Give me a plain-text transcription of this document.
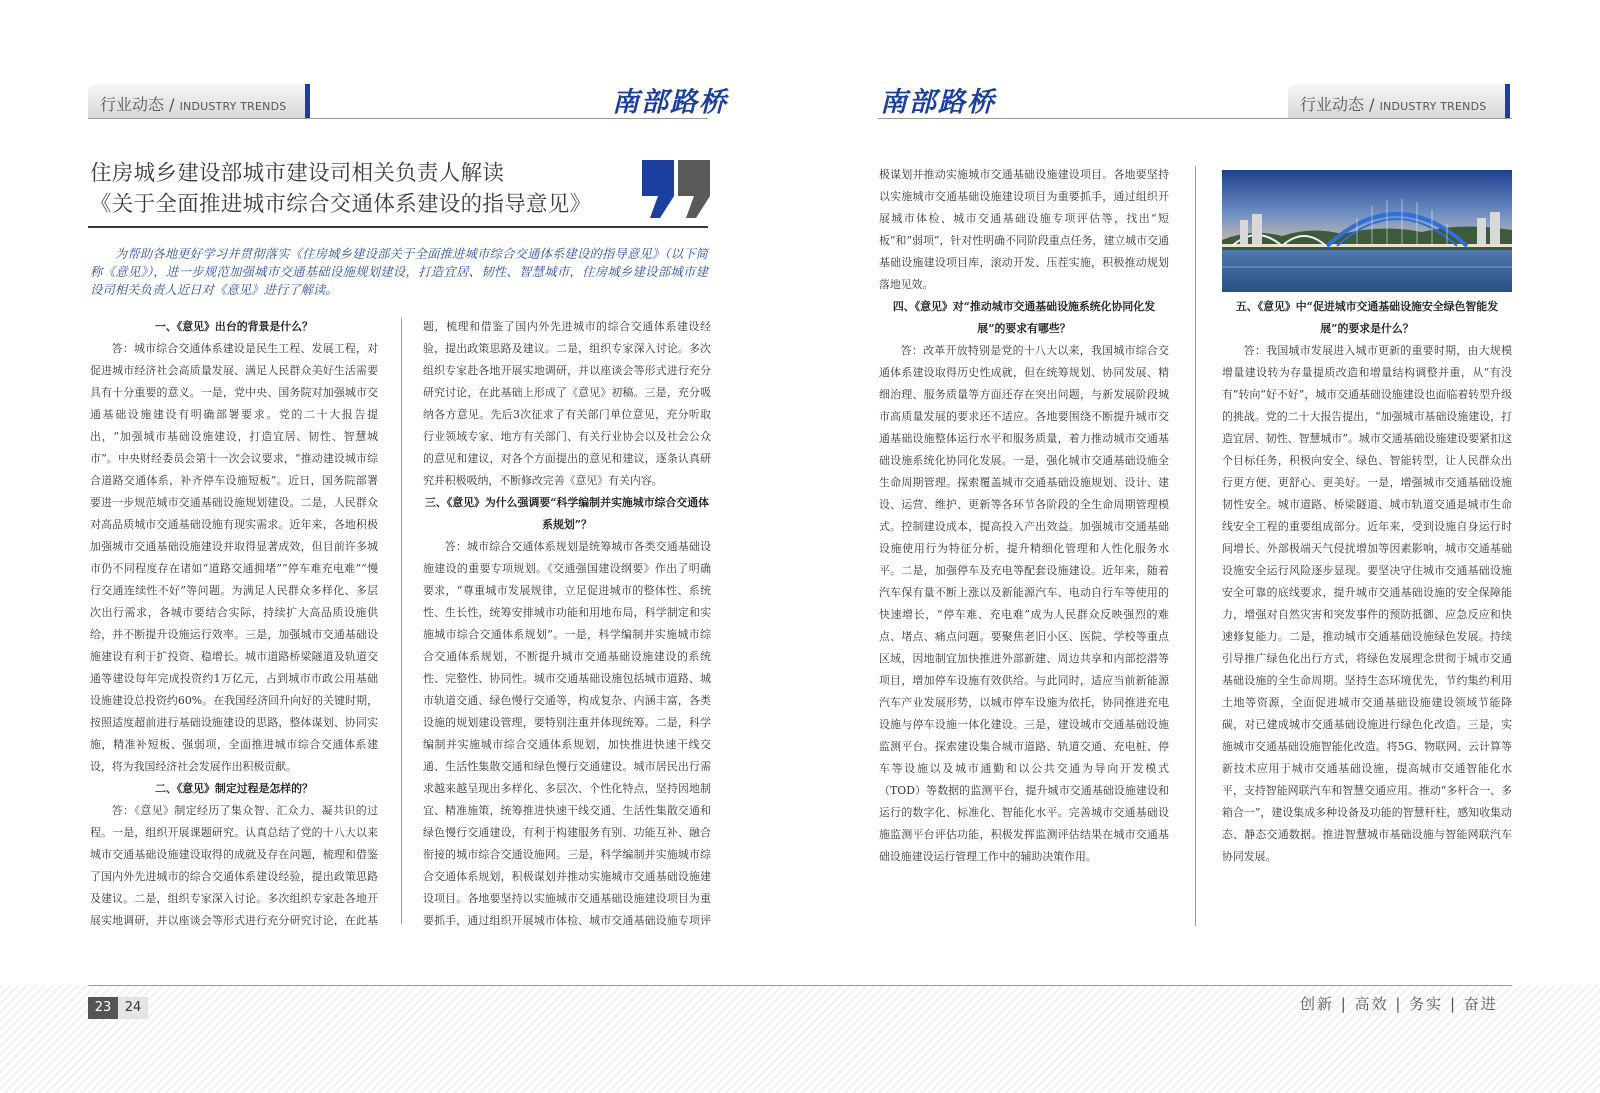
行业动态 / INDUSTRY TRENDS	南部路桥
住房城乡建设部城市建设司相关负责人解读
《关于全面推进城市综合交通体系建设的指导意见》
为帮助各地更好学习并贯彻落实《住房城乡建设部关于全面推进城市综合交通体系建设的指导意见》（以下简称《意见》），进一步规范加强城市交通基础设施规划建设，打造宜居、韧性、智慧城市，住房城乡建设部城市建设司相关负责人近日对《意见》进行了解读。
一、《意见》出台的背景是什么？

答：城市综合交通体系建设是民生工程、发展工程，对促进城市经济社会高质量发展、满足人民群众美好生活需要具有十分重要的意义。一是，党中央、国务院对加强城市交通基础设施建设有明确部署要求。党的二十大报告提出，“加强城市基础设施建设，打造宜居、韧性、智慧城市”。中央财经委员会第十一次会议要求，“推动建设城市综合道路交通体系，补齐停车设施短板”。近日，国务院部署要进一步规范城市交通基础设施规划建设。二是，人民群众对高品质城市交通基础设施有现实需求。近年来，各地积极加强城市交通基础设施建设并取得显著成效，但目前许多城市仍不同程度存在诸如“道路交通拥堵”“停车难充电难”“慢行交通连续性不好”等问题。为满足人民群众多样化、多层次出行需求，各城市要结合实际，持续扩大高品质设施供给，并不断提升设施运行效率。三是，加强城市交通基础设施建设有利于扩投资、稳增长。城市道路桥梁隧道及轨道交通等建设每年完成投资约1万亿元，占到城市市政公用基础设施建设总投资约60%。在我国经济回升向好的关键时期，按照适度超前进行基础设施建设的思路，整体谋划、协同实施，精准补短板、强弱项，全面推进城市综合交通体系建设，将为我国经济社会发展作出积极贡献。

二、《意见》制定过程是怎样的？

答：《意见》制定经历了集众智、汇众力、凝共识的过程。一是，组织开展课题研究。认真总结了党的十八大以来城市交通基础设施建设取得的成就及存在问题，梳理和借鉴了国内外先进城市的综合交通体系建设经验，提出政策思路及建议。二是，组织专家深入讨论。多次组织专家赴各地开展实地调研，并以座谈会等形式进行充分研究讨论，在此基

题，梳理和借鉴了国内外先进城市的综合交通体系建设经验，提出政策思路及建议。二是，组织专家深入讨论。多次组织专家赴各地开展实地调研，并以座谈会等形式进行充分研究讨论，在此基础上形成了《意见》初稿。三是，充分吸纳各方意见。先后3次征求了有关部门单位意见，充分听取行业领域专家、地方有关部门、有关行业协会以及社会公众的意见和建议，对各个方面提出的意见和建议，逐条认真研究并积极吸纳，不断修改完善《意见》有关内容。

三、《意见》为什么强调要“科学编制并实施城市综合交通体系规划”？

答：城市综合交通体系规划是统筹城市各类交通基础设施建设的重要专项规划。《交通强国建设纲要》作出了明确要求，“尊重城市发展规律，立足促进城市的整体性、系统性、生长性，统筹安排城市功能和用地布局，科学制定和实施城市综合交通体系规划”。一是，科学编制并实施城市综合交通体系规划，不断提升城市交通基础设施建设的系统性、完整性、协同性。城市交通基础设施包括城市道路、城市轨道交通、绿色慢行交通等，构成复杂、内涵丰富，各类设施的规划建设管理，要特别注重并体现统筹。二是，科学编制并实施城市综合交通体系规划，加快推进快速干线交通、生活性集散交通和绿色慢行交通建设。城市居民出行需求越来越呈现出多样化、多层次、个性化特点，坚持因地制宜、精准施策，统筹推进快速干线交通、生活性集散交通和绿色慢行交通建设，有利于构建服务有别、功能互补、融合衔接的城市综合交通设施网。三是，科学编制并实施城市综合交通体系规划，积极谋划并推动实施城市交通基础设施建设项目。各地要坚持以实施城市交通基础设施建设项目为重要抓手，通过组织开展城市体检、城市交通基础设施专项评

南部路桥	行业动态 / INDUSTRY TRENDS

极谋划并推动实施城市交通基础设施建设项目。各地要坚持以实施城市交通基础设施建设项目为重要抓手，通过组织开展城市体检、城市交通基础设施专项评估等，找出“短板”和“弱项”，针对性明确不同阶段重点任务，建立城市交通基础设施建设项目库，滚动开发、压茬实施，积极推动规划落地见效。

四、《意见》对“推动城市交通基础设施系统化协同化发展”的要求有哪些？

答：改革开放特别是党的十八大以来，我国城市综合交通体系建设取得历史性成就，但在统筹规划、协同发展、精细治理、服务质量等方面还存在突出问题，与新发展阶段城市高质量发展的要求还不适应。各地要围绕不断提升城市交通基础设施整体运行水平和服务质量，着力推动城市交通基础设施系统化协同化发展。一是，强化城市交通基础设施全生命周期管理。探索覆盖城市交通基础设施规划、设计、建设、运营、维护、更新等各环节各阶段的全生命周期管理模式。控制建设成本，提高投入产出效益。加强城市交通基础设施使用行为特征分析，提升精细化管理和人性化服务水平。二是，加强停车及充电等配套设施建设。近年来，随着汽车保有量不断上涨以及新能源汽车、电动自行车等使用的快速增长，“停车难、充电难”成为人民群众反映强烈的难点、堵点、痛点问题。要聚焦老旧小区、医院、学校等重点区域，因地制宜加快推进外部新建、周边共享和内部挖潜等项目，增加停车设施有效供给。与此同时，适应当前新能源汽车产业发展形势，以城市停车设施为依托，协同推进充电设施与停车设施一体化建设。三是，建设城市交通基础设施监测平台。探索建设集合城市道路、轨道交通、充电桩、停车等设施以及城市通勤和以公共交通为导向开发模式（TOD）等数据的监测平台，提升城市交通基础设施建设和运行的数字化、标准化、智能化水平。完善城市交通基础设施监测平台评估功能，积极发挥监测评估结果在城市交通基础设施建设运行管理工作中的辅助决策作用。

五、《意见》中“促进城市交通基础设施安全绿色智能发展”的要求是什么？

答：我国城市发展进入城市更新的重要时期，由大规模增量建设转为存量提质改造和增量结构调整并重，从“有没有”转向“好不好”，城市交通基础设施建设也面临着转型升级的挑战。党的二十大报告提出，“加强城市基础设施建设，打造宜居、韧性、智慧城市”。城市交通基础设施建设要紧扣这个目标任务，积极向安全、绿色、智能转型，让人民群众出行更方便、更舒心、更美好。一是，增强城市交通基础设施韧性安全。城市道路、桥梁隧道、城市轨道交通是城市生命线安全工程的重要组成部分。近年来，受到设施自身运行时间增长、外部极端天气侵扰增加等因素影响，城市交通基础设施安全运行风险逐步显现。要坚决守住城市交通基础设施安全可靠的底线要求，提升城市交通基础设施的安全保障能力，增强对自然灾害和突发事件的预防抵御、应急反应和快速修复能力。二是，推动城市交通基础设施绿色发展。持续引导推广绿色化出行方式，将绿色发展理念贯彻于城市交通基础设施的全生命周期。坚持生态环境优先，节约集约利用土地等资源，全面促进城市交通基础设施建设领域节能降碳，对已建成城市交通基础设施进行绿色化改造。三是，实施城市交通基础设施智能化改造。将5G、物联网、云计算等新技术应用于城市交通基础设施，提高城市交通智能化水平，支持智能网联汽车和智慧交通应用。推动“多杆合一、多箱合一”，建设集成多种设备及功能的智慧杆柱，感知收集动态、静态交通数据。推进智慧城市基础设施与智能网联汽车协同发展。

23	24	创新 | 高效 | 务实 | 奋进
